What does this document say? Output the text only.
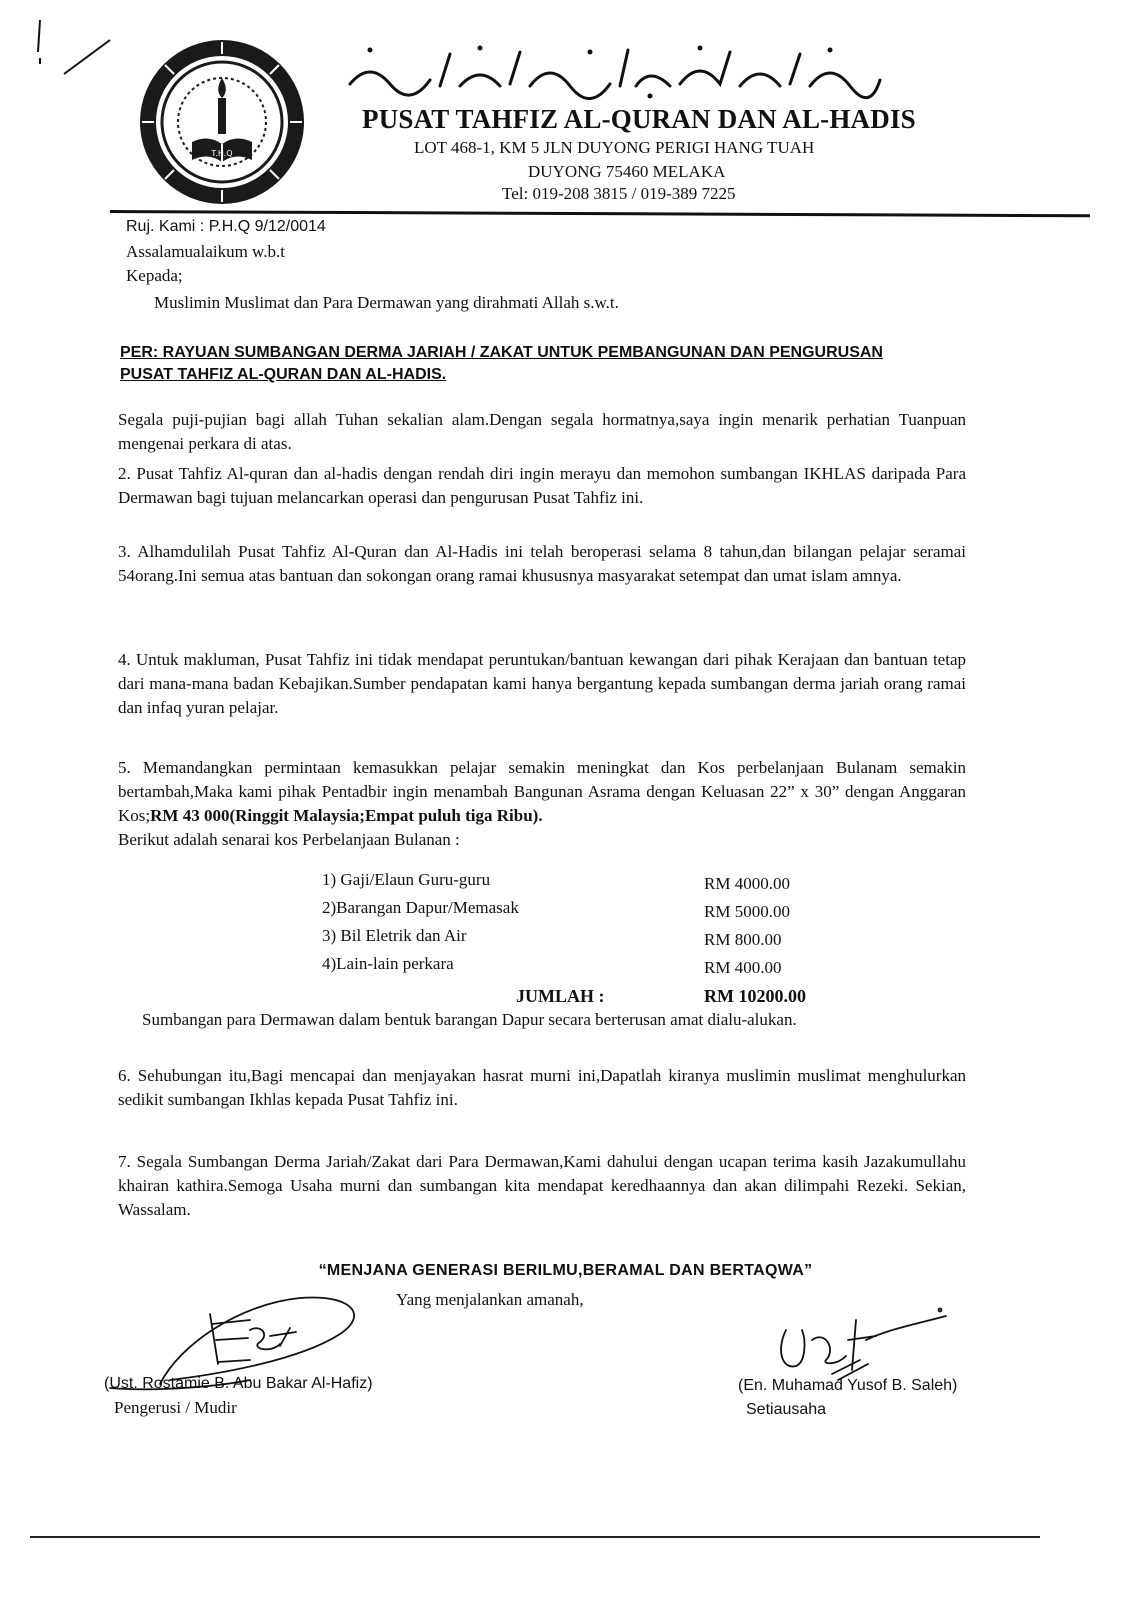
T.H.Q
PUSAT TAHFIZ AL-QURAN DAN AL-HADIS
LOT 468-1, KM 5 JLN DUYONG PERIGI HANG TUAH
DUYONG 75460 MELAKA
Tel: 019-208 3815 / 019-389 7225
Ruj. Kami : P.H.Q 9/12/0014
Assalamualaikum w.b.t
Kepada;
Muslimin Muslimat dan Para Dermawan yang dirahmati Allah s.w.t.
PER: RAYUAN SUMBANGAN DERMA JARIAH / ZAKAT UNTUK PEMBANGUNAN DAN PENGURUSAN
PUSAT TAHFIZ AL-QURAN DAN AL-HADIS.
Segala puji-pujian bagi allah Tuhan sekalian alam.Dengan segala hormatnya,saya ingin menarik perhatian Tuanpuan mengenai perkara di atas.
2. Pusat Tahfiz Al-quran dan al-hadis dengan rendah diri ingin merayu dan memohon sumbangan IKHLAS daripada Para Dermawan bagi tujuan melancarkan operasi dan pengurusan Pusat Tahfiz ini.
3. Alhamdulilah Pusat Tahfiz Al-Quran dan Al-Hadis ini telah beroperasi selama 8 tahun,dan bilangan pelajar seramai 54orang.Ini semua atas bantuan dan sokongan orang ramai khususnya masyarakat setempat dan umat islam amnya.
4. Untuk makluman, Pusat Tahfiz ini tidak mendapat peruntukan/bantuan kewangan dari pihak Kerajaan dan bantuan tetap dari mana-mana badan Kebajikan.Sumber pendapatan kami hanya bergantung kepada sumbangan derma jariah orang ramai dan infaq yuran pelajar.
5. Memandangkan permintaan kemasukkan pelajar semakin meningkat dan Kos perbelanjaan Bulanam semakin bertambah,Maka kami pihak Pentadbir ingin menambah Bangunan Asrama dengan Keluasan 22” x 30” dengan Anggaran Kos;RM 43 000(Ringgit Malaysia;Empat puluh tiga Ribu).
Berikut adalah senarai kos Perbelanjaan Bulanan :
1) Gaji/Elaun Guru-guru	RM 4000.00
2)Barangan Dapur/Memasak	RM 5000.00
3) Bil Eletrik dan Air	RM 800.00
4)Lain-lain perkara	RM 400.00
JUMLAH :	RM 10200.00
Sumbangan para Dermawan dalam bentuk barangan Dapur secara berterusan amat dialu-alukan.
6. Sehubungan itu,Bagi mencapai dan menjayakan hasrat murni ini,Dapatlah kiranya muslimin muslimat menghulurkan sedikit sumbangan Ikhlas kepada Pusat Tahfiz ini.
7. Segala Sumbangan Derma Jariah/Zakat dari Para Dermawan,Kami dahului dengan ucapan terima kasih Jazakumullahu khairan kathira.Semoga Usaha murni dan sumbangan kita mendapat keredhaannya dan akan dilimpahi Rezeki. Sekian, Wassalam.
“MENJANA GENERASI BERILMU,BERAMAL DAN BERTAQWA”
Yang menjalankan amanah,
(Ust. Rostamie B. Abu Bakar Al-Hafiz)
Pengerusi / Mudir
(En. Muhamad Yusof B. Saleh)
Setiausaha
